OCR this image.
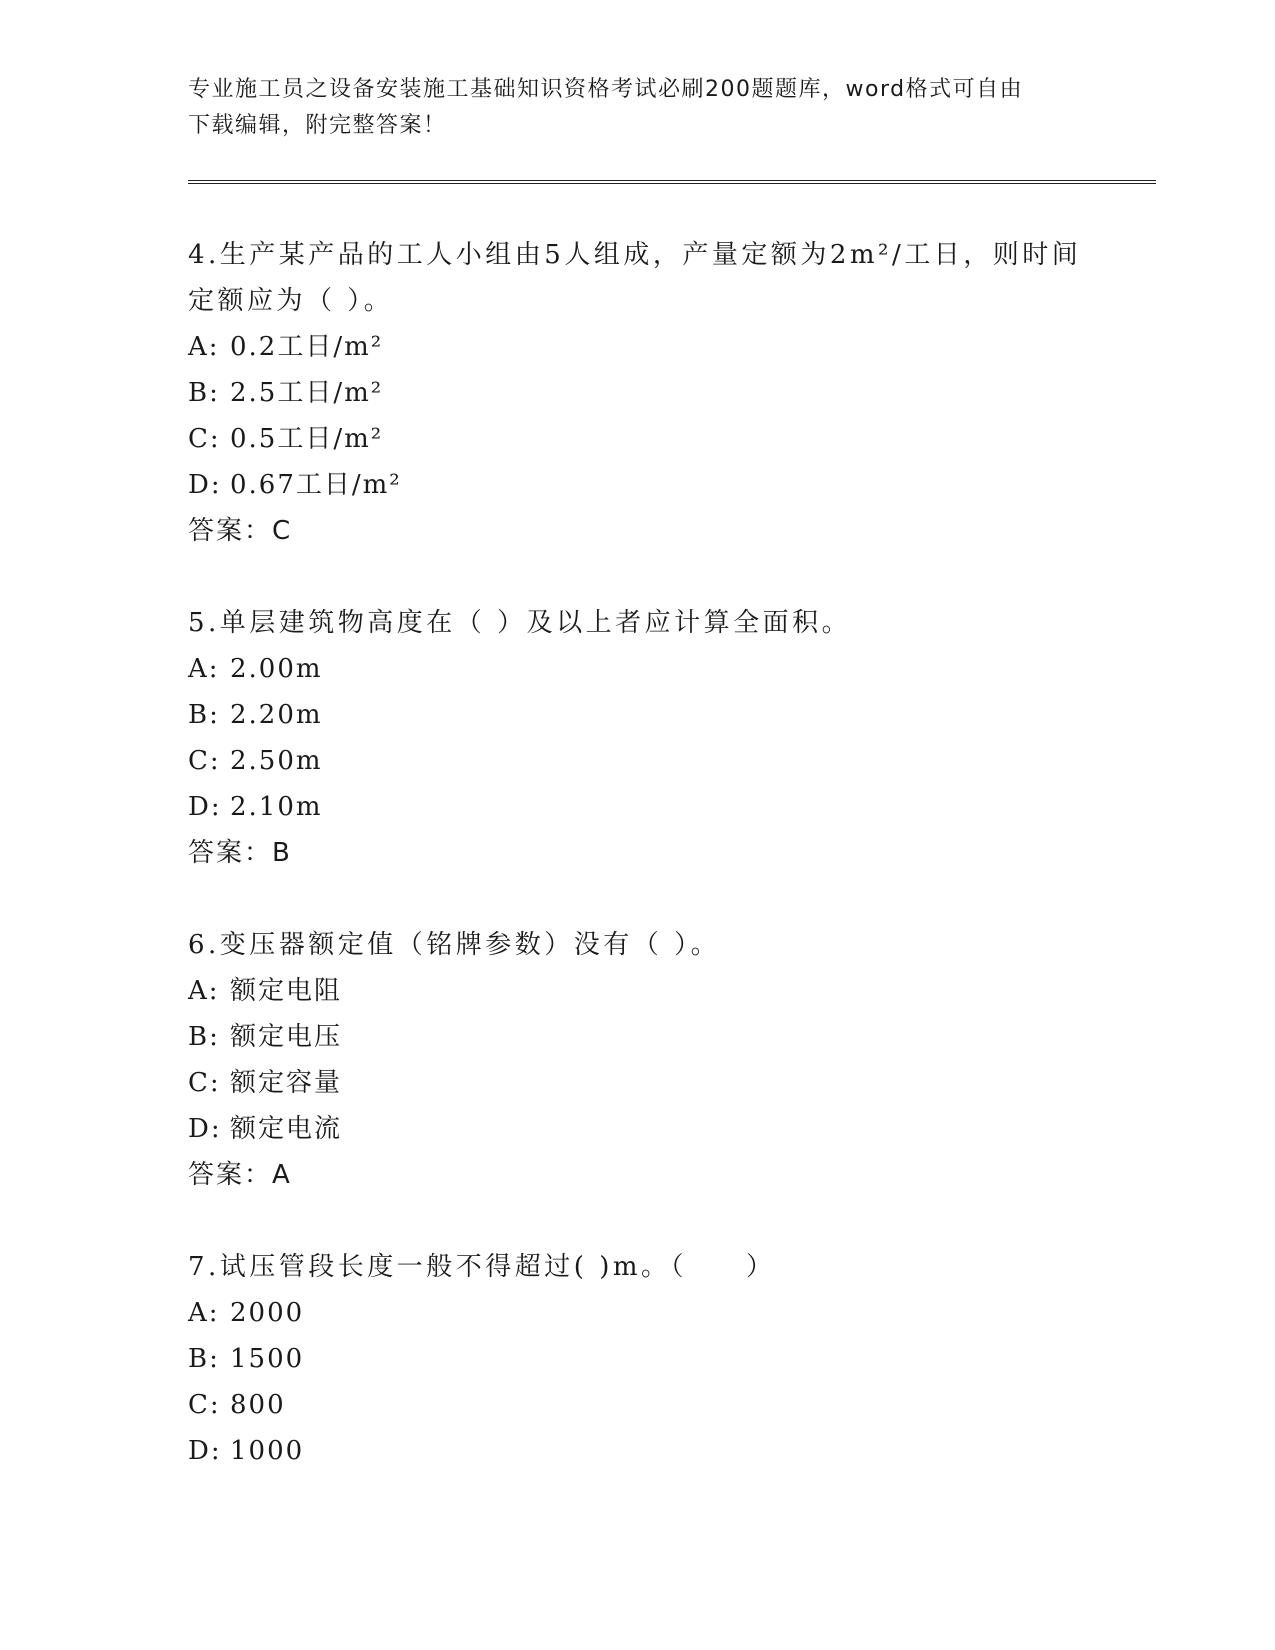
专业施工员之设备安装施工基础知识资格考试必刷200题题库，word格式可自由
下载编辑，附完整答案！
4.生产某产品的工人小组由5人组成，产量定额为2m²/工日，则时间
定额应为（ ）。
A: 0.2工日/m²
B: 2.5工日/m²
C: 0.5工日/m²
D: 0.67工日/m²
答案：C
5.单层建筑物高度在（ ）及以上者应计算全面积。
A: 2.00m
B: 2.20m
C: 2.50m
D: 2.10m
答案：B
6.变压器额定值（铭牌参数）没有（ ）。
A: 额定电阻
B: 额定电压
C: 额定容量
D: 额定电流
答案：A
7.试压管段长度一般不得超过( )m。（　　）
A: 2000
B: 1500
C: 800
D: 1000
